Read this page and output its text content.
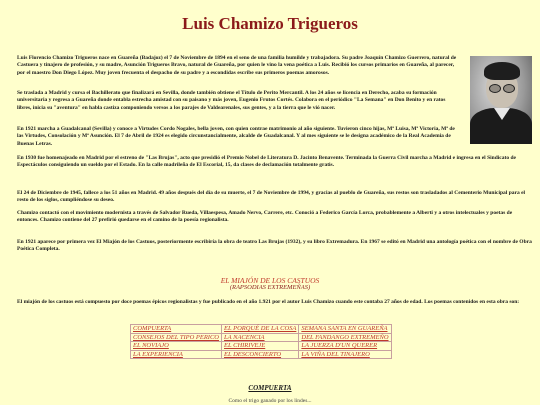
Luis Chamizo Trigueros

Luis Florencio Chamizo Trigueros nace en Guareña (Badajoz) el 7 de Noviembre de 1894 en el seno de una familia humilde y trabajadora. Su padre Joaquín Chamizo Guerrero, natural de Castuera y tinajero de profesión, y su madre, Asunción Trigueros Bravo, natural de Guareña, por quien le vino la vena poética a Luis. Recibió los cursos primarios en Guareña, al parecer, por el maestro Don Diego López. Muy joven frecuenta el despacho de su padre y a escondidas escribe sus primeros poemas amorosos.

Se traslada a Madrid y cursa el Bachillerato que finalizará en Sevilla, donde también obtiene el Título de Perito Mercantil. A los 24 años se licencia en Derecho, acaba su formación universitaria y regresa a Guareña donde entabla estrecha amistad con su paisano y más joven, Eugenio Frutos Cortés. Colabora en el periódico "La Semana" en Don Benito y en ratos libres, inicia su "aventura" en habla castiza componiendo versos a los parajes de Valdearenales, sus gentes, y a la tierra que le vió nacer.

En 1921 marcha a Guadalcanal (Sevilla) y conoce a Virtudes Cordo Nogales, bella joven, con quien contrae matrimonio al año siguiente. Tuvieron cinco hijas, Mª Luisa, Mª Victoria, Mª de las Virtudes, Consolación y Mª Asunción. El 7 de Abril de 1924 es elegido circunstancialmente, alcalde de Guadalcanal. Y al mes siguiente se le designa académico de la Real Academia de Buenas Letras.

En 1930 fue homenajeado en Madrid por el estreno de "Las Brujas", acto que presidió el Premio Nobel de Literatura D. Jacinto Benavente. Terminada la Guerra Civil marcha a Madrid e ingresa en el Sindicato de Espectáculos consiguiendo un sueldo por el Estado. En la calle madrileña de El Escorial, 15, da clases de declamación totalmente gratis.

El 24 de Diciembre de 1945, fallece a los 51 años en Madrid. 49 años después del día de su muerte, el 7 de Noviembre de 1994, y gracias al pueblo de Guareña, sus restos son trasladados al Cementerio Municipal para el resto de los siglos, cumpliéndose su deseo.

Chamizo contactó con el movimiento modernista a través de Salvador Rueda, Villaespesa, Amado Nervo, Carrere, etc. Conoció a Federico García Lorca, probablemente a Alberti y a otros intelectuales y poetas de entonces. Chamizo contiene del 27 prefirió quedarse en el camino de la poesía regionalista.

En 1921 aparece por primera vez El Miajón de los Castuos, posteriormente escribiría la obra de teatro Las Brujas (1932), y su libro Extremadura. En 1967 se editó en Madrid una antología poética con el nombre de Obra Poética Completa.

EL MIAJÓN DE LOS CASTUOS

(RAPSODIAS EXTREMEÑAS)

El miajón de los castuos está compuesto por doce poemas épicos regionalistas y fue publicado en el año 1.921 por el autor Luis Chamizo cuando este contaba 27 años de edad. Los poemas contenidos en esta obra son:

COMPUERTA	EL PORQUÉ DE LA COSA	SEMANA SANTA EN GUAREÑA
CONSEJOS DEL TIPO PERICO	LA NACENCIA	DEL FANDANGO EXTREMEÑO
EL NOVIAJO	EL CHIRIVEJE	LA JUERZA D'UN QUERER
LA EXPERIENCIA	EL DESCONCIERTO	LA VIÑA DEL TINAJERO

COMPUERTA

Como el trigo ganado por los lindes...
